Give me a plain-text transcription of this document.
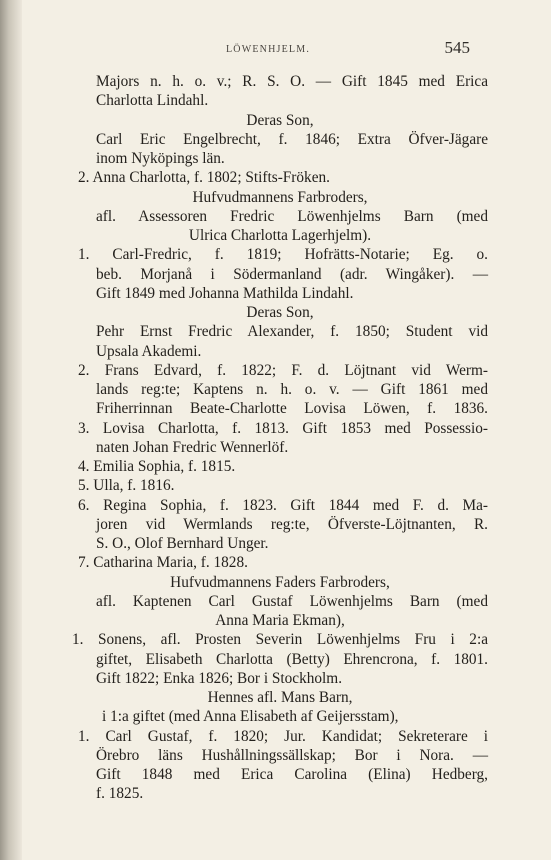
LÖWENHJELM.	545
Majors n. h. o. v.; R. S. O. — Gift 1845 med Erica
Charlotta Lindahl.
Deras Son,
Carl Eric Engelbrecht, f. 1846; Extra Öfver-Jägare
inom Nyköpings län.
2. Anna Charlotta, f. 1802; Stifts-Fröken.
Hufvudmannens Farbroders,
afl. Assessoren Fredric Löwenhjelms Barn (med
Ulrica Charlotta Lagerhjelm).
1. Carl-Fredric, f. 1819; Hofrätts-Notarie; Eg. o.
beb. Morjanå i Södermanland (adr. Wingåker). —
Gift 1849 med Johanna Mathilda Lindahl.
Deras Son,
Pehr Ernst Fredric Alexander, f. 1850; Student vid
Upsala Akademi.
2. Frans Edvard, f. 1822; F. d. Löjtnant vid Werm-
lands reg:te; Kaptens n. h. o. v. — Gift 1861 med
Friherrinnan Beate-Charlotte Lovisa Löwen, f. 1836.
3. Lovisa Charlotta, f. 1813. Gift 1853 med Possessio-
naten Johan Fredric Wennerlöf.
4. Emilia Sophia, f. 1815.
5. Ulla, f. 1816.
6. Regina Sophia, f. 1823. Gift 1844 med F. d. Ma-
joren vid Wermlands reg:te, Öfverste-Löjtnanten, R.
S. O., Olof Bernhard Unger.
7. Catharina Maria, f. 1828.
Hufvudmannens Faders Farbroders,
afl. Kaptenen Carl Gustaf Löwenhjelms Barn (med
Anna Maria Ekman),
1. Sonens, afl. Prosten Severin Löwenhjelms Fru i 2:a
giftet, Elisabeth Charlotta (Betty) Ehrencrona, f. 1801.
Gift 1822; Enka 1826; Bor i Stockholm.
Hennes afl. Mans Barn,
i 1:a giftet (med Anna Elisabeth af Geijersstam),
1. Carl Gustaf, f. 1820; Jur. Kandidat; Sekreterare i
Örebro läns Hushållningssällskap; Bor i Nora. —
Gift 1848 med Erica Carolina (Elina) Hedberg,
f. 1825.
